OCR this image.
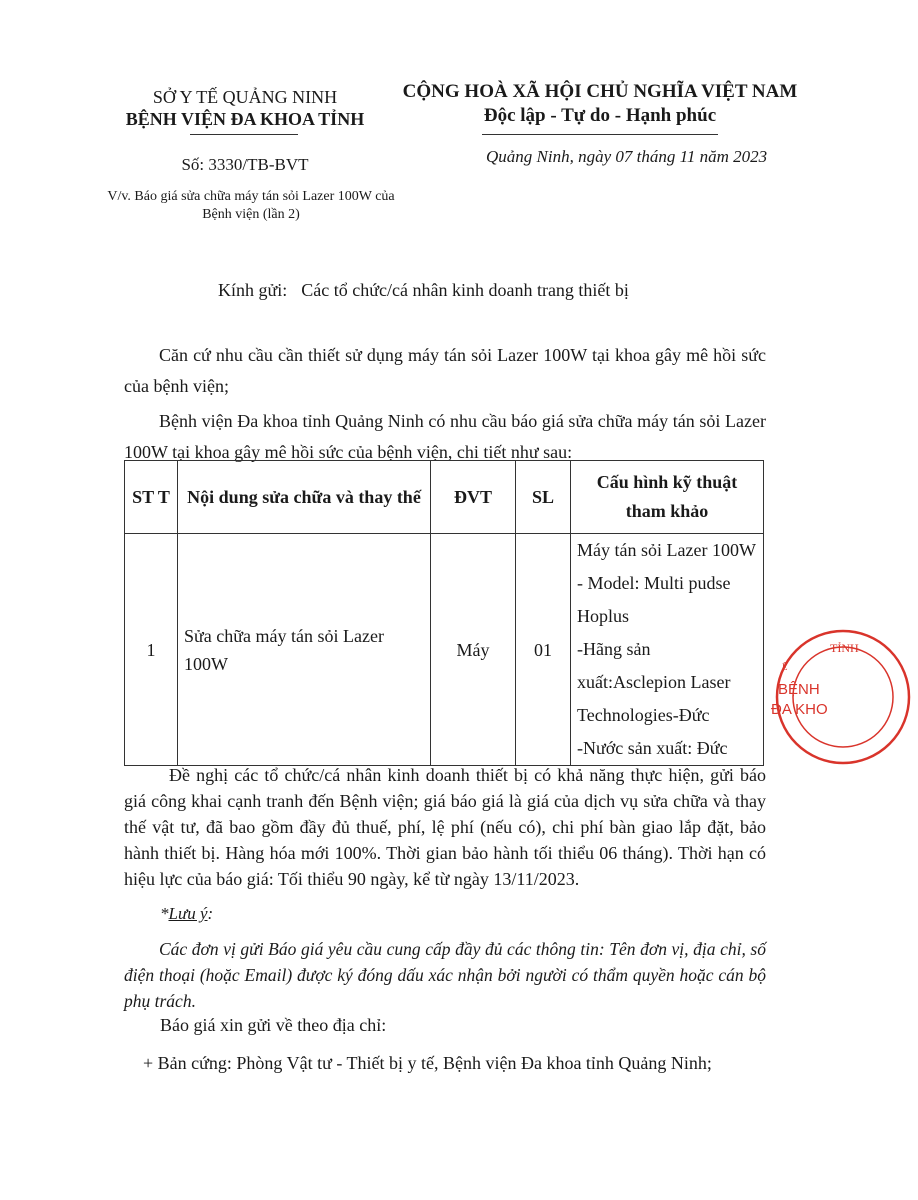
SỞ Y TẾ QUẢNG NINH
BỆNH VIỆN ĐA KHOA TỈNH
CỘNG HOÀ XÃ HỘI CHỦ NGHĨA VIỆT NAM
Độc lập - Tự do - Hạnh phúc
Số: 3330/TB-BVT
V/v. Báo giá sửa chữa máy tán sỏi Lazer 100W của
Bệnh viện (lần 2)
Quảng Ninh, ngày 07 tháng 11 năm 2023
Kính gửi: Các tổ chức/cá nhân kinh doanh trang thiết bị
Căn cứ nhu cầu cần thiết sử dụng máy tán sỏi Lazer 100W tại khoa gây mê hồi sức của bệnh viện;
Bệnh viện Đa khoa tỉnh Quảng Ninh có nhu cầu báo giá sửa chữa máy tán sỏi Lazer 100W tại khoa gây mê hồi sức của bệnh viện, chi tiết như sau:
ST T	Nội dung sửa chữa và thay thế	ĐVT	SL	Cấu hình kỹ thuật tham khảo
1	Sửa chữa máy tán sỏi Lazer 100W	Máy	01	Máy tán sỏi Lazer 100W
- Model: Multi pudse Hoplus
-Hãng sản xuất:Asclepion Laser Technologies-Đức
-Nước sản xuất: Đức
Đề nghị các tổ chức/cá nhân kinh doanh thiết bị có khả năng thực hiện, gửi báo giá công khai cạnh tranh đến Bệnh viện; giá báo giá là giá của dịch vụ sửa chữa và thay thế vật tư, đã bao gồm đầy đủ thuế, phí, lệ phí (nếu có), chi phí bàn giao lắp đặt, bảo hành thiết bị. Hàng hóa mới 100%. Thời gian bảo hành tối thiểu 06 tháng). Thời hạn có hiệu lực của báo giá: Tối thiểu 90 ngày, kể từ ngày 13/11/2023.
*Lưu ý:
Các đơn vị gửi Báo giá yêu cầu cung cấp đầy đủ các thông tin: Tên đơn vị, địa chỉ, số điện thoại (hoặc Email) được ký đóng dấu xác nhận bởi người có thẩm quyền hoặc cán bộ phụ trách.
Báo giá xin gửi về theo địa chỉ:
+ Bản cứng: Phòng Vật tư - Thiết bị y tế, Bệnh viện Đa khoa tỉnh Quảng Ninh;
TỈNH
BỆNH
ĐA KHO
Ế
